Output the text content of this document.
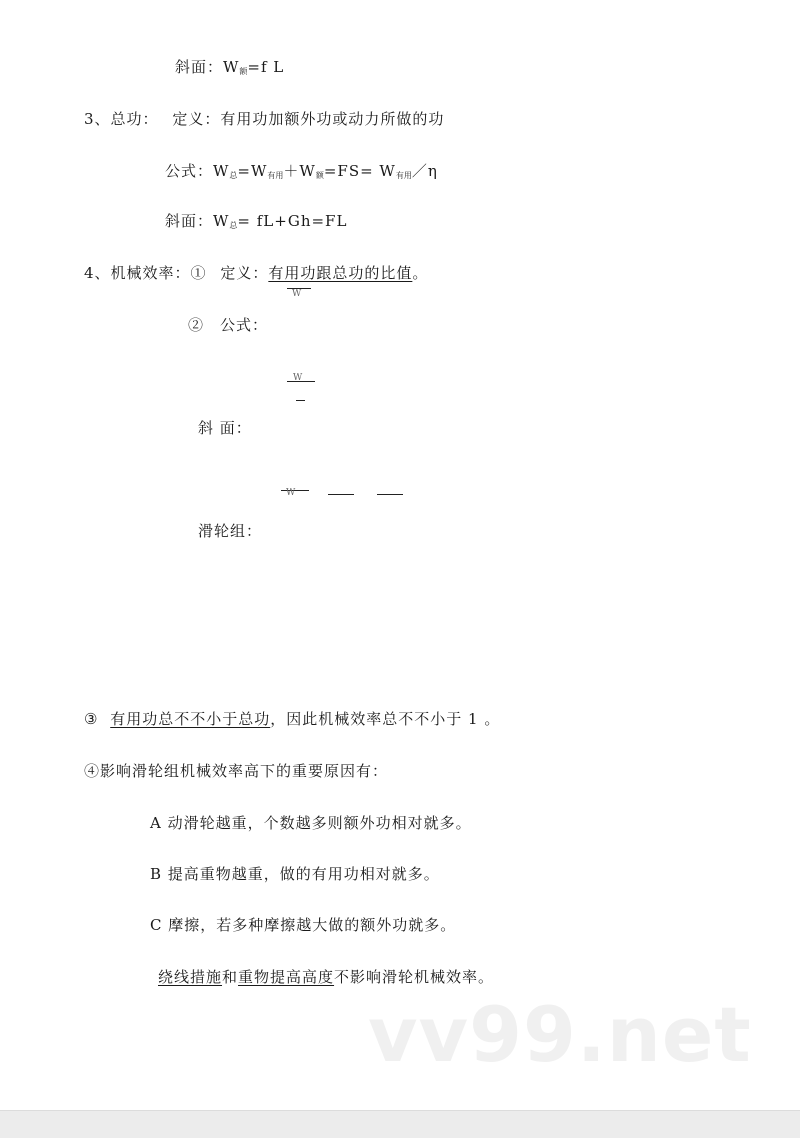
斜面：$W_额=f$ L
3、总功： 定义：有用功加额外功或动力所做的功
公式：$W_总=W_{有用}+W_额=FS=$ $W_{有用}/\eta$
斜面：$W_总= fL+Gh=FL$
4、机械效率：① 定义：有用功跟总功的比值。
W
②　公式：
W
斜 面：
W
滑轮组：
③ 有用功总不不小于总功，因此机械效率总不不小于 1 。
④影响滑轮组机械效率高下的重要原因有：
A 动滑轮越重，个数越多则额外功相对就多。
B 提高重物越重，做的有用功相对就多。
C 摩擦，若多种摩擦越大做的额外功就多。
绕线措施和重物提高高度不影响滑轮机械效率。
vv99.net
